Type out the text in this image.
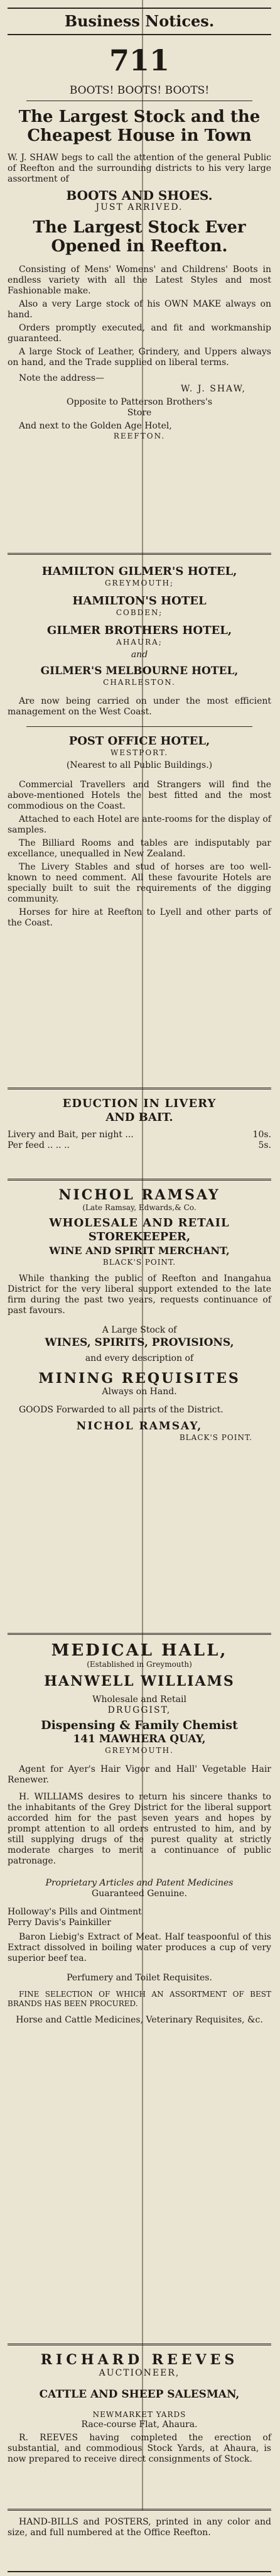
Business Notices.

711

BOOTS! BOOTS! BOOTS!

The Largest Stock and the

Cheapest House in Town

W. J. SHAW begs to call the attention of the general Public of Reefton and the surrounding districts to his very large assortment of

BOOTS AND SHOES.

JUST ARRIVED.

The Largest Stock Ever

Opened in Reefton.

Consisting of Mens' Womens' and Childrens' Boots in endless variety with all the Latest Styles and most Fashionable make.

Also a very Large stock of his OWN MAKE always on hand.

Orders promptly executed, and fit and workmanship guaranteed.

A large Stock of Leather, Grindery, and Uppers always on hand, and the Trade supplied on liberal terms.

Note the address—

W. J. SHAW,

Opposite to Patterson Brothers's

Store

And next to the Golden Age Hotel,

REEFTON.

HAMILTON GILMER'S HOTEL,

GREYMOUTH;

HAMILTON'S HOTEL

COBDEN;

GILMER BROTHERS HOTEL,

AHAURA;

and

GILMER'S MELBOURNE HOTEL,

CHARLESTON.

Are now being carried on under the most efficient management on the West Coast.

POST OFFICE HOTEL,

WESTPORT.

(Nearest to all Public Buildings.)

Commercial Travellers and Strangers will find the above-mentioned Hotels the best fitted and the most commodious on the Coast.

Attached to each Hotel are ante-rooms for the display of samples.

The Billiard Rooms and tables are indisputably par excellance, unequalled in New Zealand.

The Livery Stables and stud of horses are too well-known to need comment. All these favourite Hotels are specially built to suit the requirements of the digging community.

Horses for hire at Reefton to Lyell and other parts of the Coast.

EDUCTION IN LIVERY

AND BAIT.

Livery and Bait, per night ...	10s.
Per feed .. .. ..	5s.

NICHOL RAMSAY

(Late Ramsay, Edwards,& Co.

WHOLESALE AND RETAIL

STOREKEEPER,

WINE AND SPIRIT MERCHANT,

BLACK'S POINT.

While thanking the public of Reefton and Inangahua District for the very liberal support extended to the late firm during the past two years, requests continuance of past favours.

A Large Stock of

WINES, SPIRITS, PROVISIONS,

and every description of

MINING REQUISITES

Always on Hand.

GOODS Forwarded to all parts of the District.

NICHOL RAMSAY,

BLACK'S POINT.

MEDICAL HALL,

(Established in Greymouth)

HANWELL WILLIAMS

Wholesale and Retail

DRUGGIST,

Dispensing & Family Chemist

141 MAWHERA QUAY,

GREYMOUTH.

Agent for Ayer's Hair Vigor and Hall' Vegetable Hair Renewer.

H. WILLIAMS desires to return his sincere thanks to the inhabitants of the Grey District for the liberal support accorded him for the past seven years and hopes by prompt attention to all orders entrusted to him, and by still supplying drugs of the purest quality at strictly moderate charges to merit a continuance of public patronage.

Proprietary Articles and Patent Medicines

Guaranteed Genuine.

Holloway's Pills and Ointment

Perry Davis's Painkiller

Baron Liebig's Extract of Meat. Half teaspoonful of this Extract dissolved in boiling water produces a cup of very superior beef tea.

Perfumery and Toilet Requisites.

FINE SELECTION OF WHICH AN ASSORTMENT OF BEST BRANDS HAS BEEN PROCURED.

Horse and Cattle Medicines, Veterinary Requisites, &c.

RICHARD REEVES

AUCTIONEER,

CATTLE AND SHEEP SALESMAN,

NEWMARKET YARDS

Race-course Flat, Ahaura.

R. REEVES having completed the erection of substantial, and commodious Stock Yards, at Ahaura, is now prepared to receive direct consignments of Stock.

HAND-BILLS and POSTERS, printed in any color and size, and full numbered at the Office Reefton.
